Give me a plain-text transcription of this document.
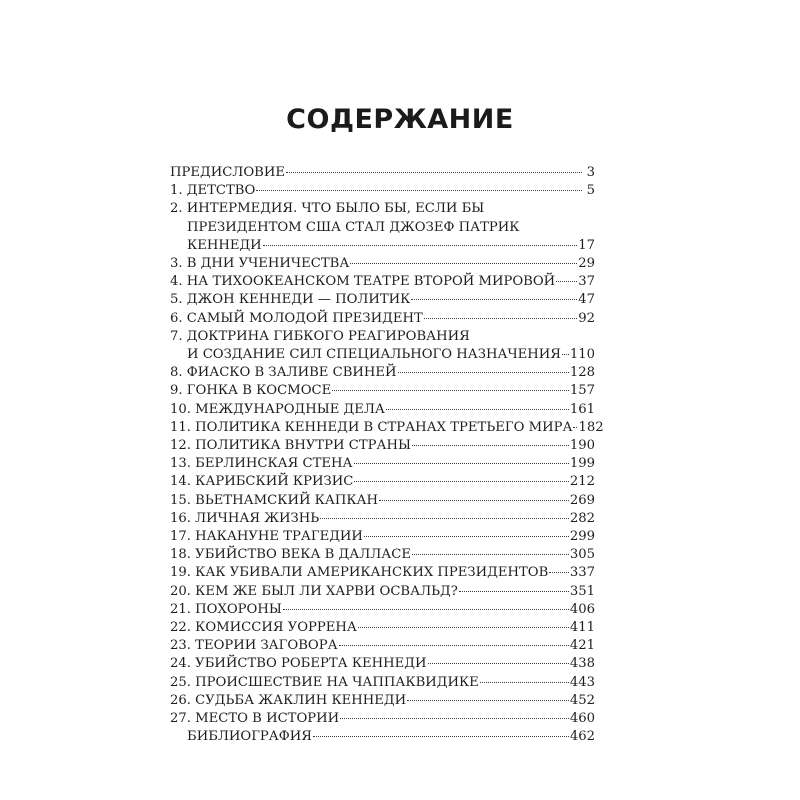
СОДЕРЖАНИЕ
ПРЕДИСЛОВИЕ	3
1. ДЕТСТВО	5
2. ИНТЕРМЕДИЯ. ЧТО БЫЛО БЫ, ЕСЛИ БЫ
ПРЕЗИДЕНТОМ США СТАЛ ДЖОЗЕФ ПАТРИК
КЕННЕДИ	17
3. В ДНИ УЧЕНИЧЕСТВА	29
4. НА ТИХООКЕАНСКОМ ТЕАТРЕ ВТОРОЙ МИРОВОЙ 37
5. ДЖОН КЕННЕДИ — ПОЛИТИК	47
6. САМЫЙ МОЛОДОЙ ПРЕЗИДЕНТ	92
7. ДОКТРИНА ГИБКОГО РЕАГИРОВАНИЯ
И СОЗДАНИЕ СИЛ СПЕЦИАЛЬНОГО НАЗНАЧЕНИЯ 110
8. ФИАСКО В ЗАЛИВЕ СВИНЕЙ	128
9. ГОНКА В КОСМОСЕ	157
10. МЕЖДУНАРОДНЫЕ ДЕЛА	161
11. ПОЛИТИКА КЕННЕДИ В СТРАНАХ ТРЕТЬЕГО МИРА 182
12. ПОЛИТИКА ВНУТРИ СТРАНЫ	190
13. БЕРЛИНСКАЯ СТЕНА	199
14. КАРИБСКИЙ КРИЗИС	212
15. ВЬЕТНАМСКИЙ КАПКАН	269
16. ЛИЧНАЯ ЖИЗНЬ	282
17. НАКАНУНЕ ТРАГЕДИИ	299
18. УБИЙСТВО ВЕКА В ДАЛЛАСЕ	305
19. КАК УБИВАЛИ АМЕРИКАНСКИХ ПРЕЗИДЕНТОВ 337
20. КЕМ ЖЕ БЫЛ ЛИ ХАРВИ ОСВАЛЬД?	351
21. ПОХОРОНЫ	406
22. КОМИССИЯ УОРРЕНА	411
23. ТЕОРИИ ЗАГОВОРА	421
24. УБИЙСТВО РОБЕРТА КЕННЕДИ	438
25. ПРОИСШЕСТВИЕ НА ЧАППАКВИДИКЕ	443
26. СУДЬБА ЖАКЛИН КЕННЕДИ	452
27. МЕСТО В ИСТОРИИ	460
БИБЛИОГРАФИЯ	462
